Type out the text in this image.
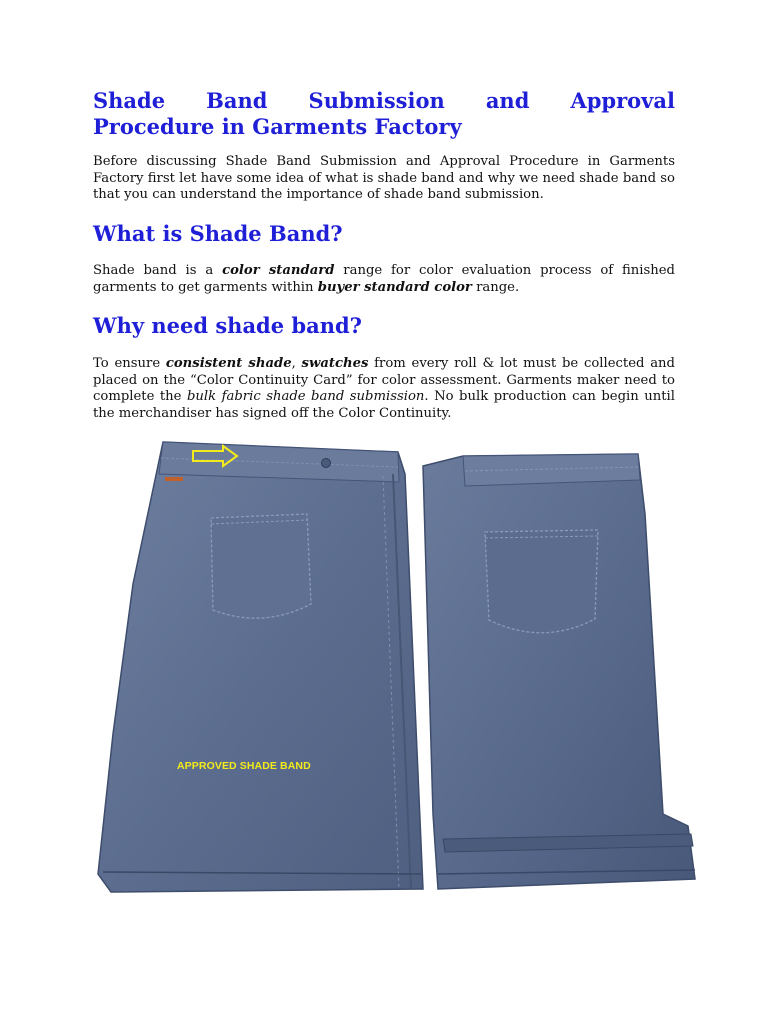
Shade Band Submission and Approval
Procedure in Garments Factory

Before discussing Shade Band Submission and Approval Procedure in Garments Factory first let have some idea of what is shade band and why we need shade band so that you can understand the importance of shade band submission.

What is Shade Band?

Shade band is a color standard range for color evaluation process of finished garments to get garments within buyer standard color range.

Why need shade band?

To ensure consistent shade, swatches from every roll & lot must be collected and placed on the “Color Continuity Card” for color assessment. Garments maker need to complete the bulk fabric shade band submission. No bulk production can begin until the merchandiser has signed off the Color Continuity.

APPROVED SHADE BAND
